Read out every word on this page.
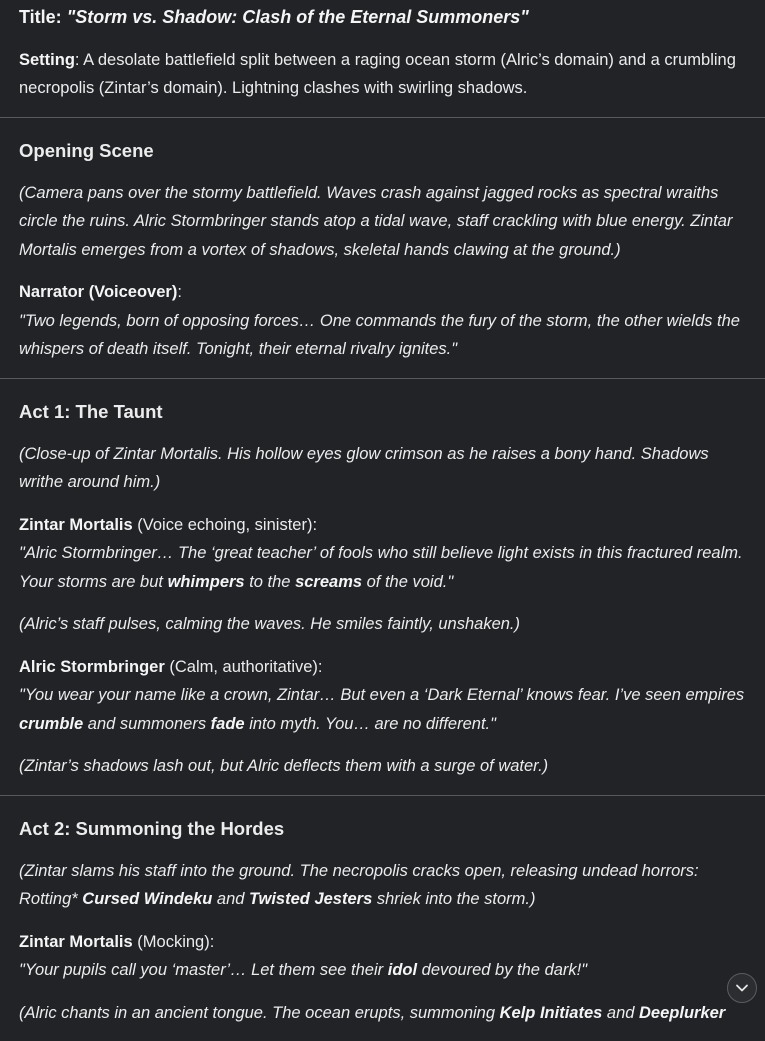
Title: "Storm vs. Shadow: Clash of the Eternal Summoners"

Setting: A desolate battlefield split between a raging ocean storm (Alric’s domain) and a crumbling
necropolis (Zintar’s domain). Lightning clashes with swirling shadows.

Opening Scene

(Camera pans over the stormy battlefield. Waves crash against jagged rocks as spectral wraiths
circle the ruins. Alric Stormbringer stands atop a tidal wave, staff crackling with blue energy. Zintar
Mortalis emerges from a vortex of shadows, skeletal hands clawing at the ground.)

Narrator (Voiceover):
"Two legends, born of opposing forces… One commands the fury of the storm, the other wields the
whispers of death itself. Tonight, their eternal rivalry ignites."

Act 1: The Taunt

(Close-up of Zintar Mortalis. His hollow eyes glow crimson as he raises a bony hand. Shadows
writhe around him.)

Zintar Mortalis (Voice echoing, sinister):
"Alric Stormbringer… The ‘great teacher’ of fools who still believe light exists in this fractured realm.
Your storms are but whimpers to the screams of the void."

(Alric’s staff pulses, calming the waves. He smiles faintly, unshaken.)

Alric Stormbringer (Calm, authoritative):
"You wear your name like a crown, Zintar… But even a ‘Dark Eternal’ knows fear. I’ve seen empires
crumble and summoners fade into myth. You… are no different."

(Zintar’s shadows lash out, but Alric deflects them with a surge of water.)

Act 2: Summoning the Hordes

(Zintar slams his staff into the ground. The necropolis cracks open, releasing undead horrors:
Rotting* Cursed Windeku and Twisted Jesters shriek into the storm.)

Zintar Mortalis (Mocking):
"Your pupils call you ‘master’… Let them see their idol devoured by the dark!"

(Alric chants in an ancient tongue. The ocean erupts, summoning Kelp Initiates and Deeplurker
